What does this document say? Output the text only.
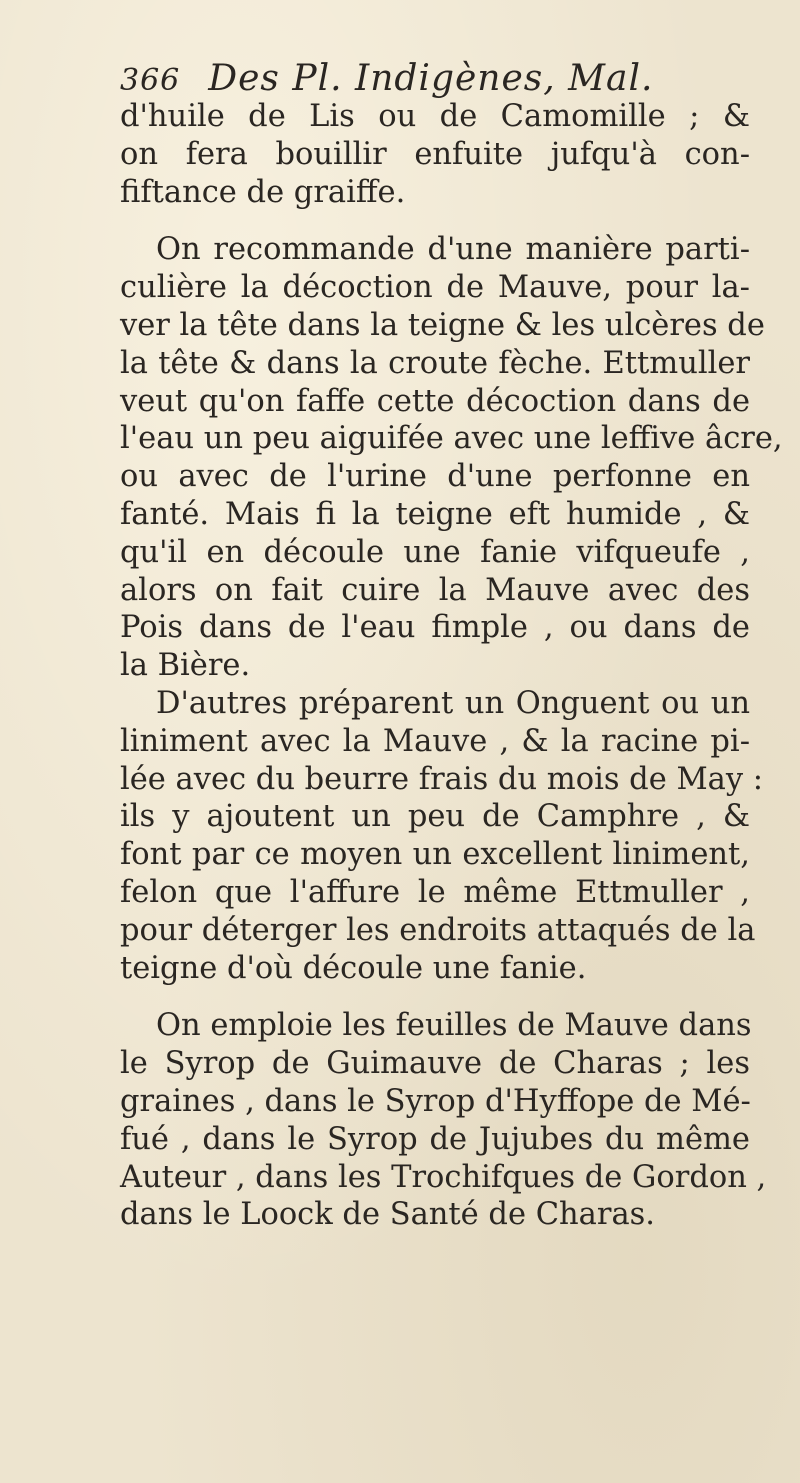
366 Des Pl. Indigènes, Mal.
d'huile de Lis ou de Camomille ; &
on fera bouillir enfuite jufqu'à con-
fiftance de graiffe.
On recommande d'une manière parti-
culière la décoction de Mauve, pour la-
ver la tête dans la teigne & les ulcères de
la tête & dans la croute fèche. Ettmuller
veut qu'on faffe cette décoction dans de
l'eau un peu aiguifée avec une leffive âcre,
ou avec de l'urine d'une perfonne en
fanté. Mais fi la teigne eft humide , &
qu'il en découle une fanie vifqueufe ,
alors on fait cuire la Mauve avec des
Pois dans de l'eau fimple , ou dans de
la Bière.
D'autres préparent un Onguent ou un
liniment avec la Mauve , & la racine pi-
lée avec du beurre frais du mois de May :
ils y ajoutent un peu de Camphre , &
font par ce moyen un excellent liniment,
felon que l'affure le même Ettmuller ,
pour déterger les endroits attaqués de la
teigne d'où découle une fanie.
On emploie les feuilles de Mauve dans
le Syrop de Guimauve de Charas ; les
graines , dans le Syrop d'Hyffope de Mé-
fué , dans le Syrop de Jujubes du même
Auteur , dans les Trochifques de Gordon ,
dans le Loock de Santé de Charas.
